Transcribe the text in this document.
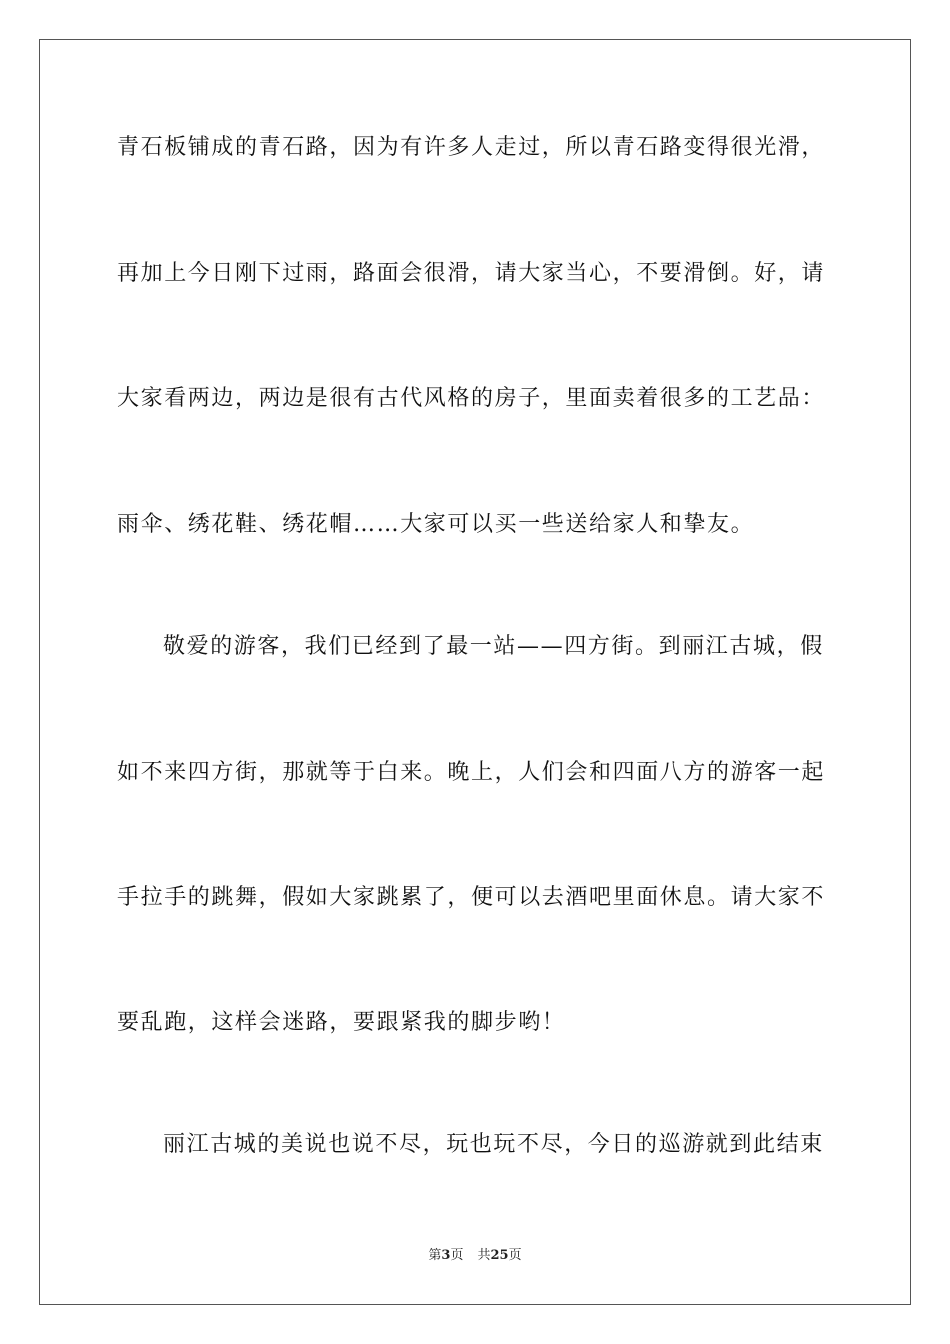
青石板铺成的青石路，因为有许多人走过，所以青石路变得很光滑，
再加上今日刚下过雨，路面会很滑，请大家当心，不要滑倒。好，请
大家看两边，两边是很有古代风格的房子，里面卖着很多的工艺品：
雨伞、绣花鞋、绣花帽……大家可以买一些送给家人和挚友。
敬爱的游客，我们已经到了最一站——四方街。到丽江古城，假
如不来四方街，那就等于白来。晚上，人们会和四面八方的游客一起
手拉手的跳舞，假如大家跳累了，便可以去酒吧里面休息。请大家不
要乱跑，这样会迷路，要跟紧我的脚步哟！
丽江古城的美说也说不尽，玩也玩不尽，今日的巡游就到此结束
第3页 共25页
